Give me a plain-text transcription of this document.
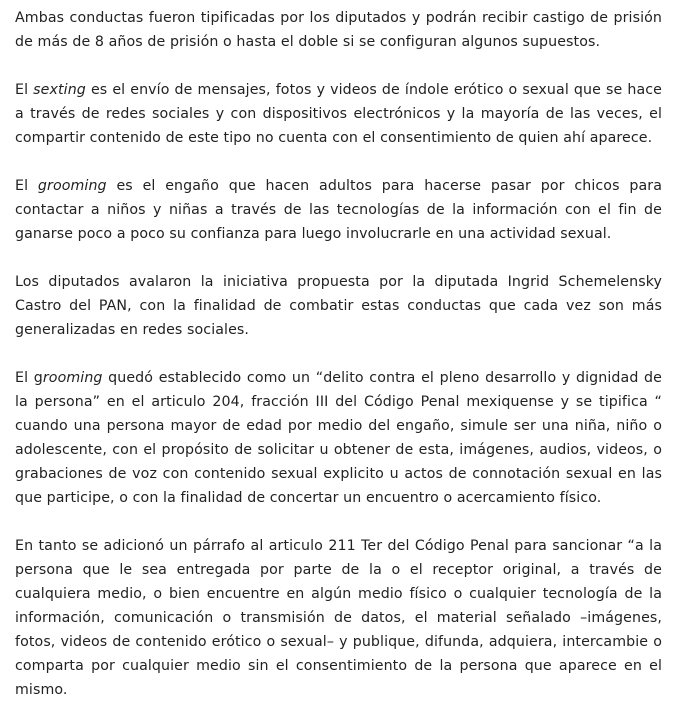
Ambas conductas fueron tipificadas por los diputados y podrán recibir castigo de prisión de más de 8 años de prisión o hasta el doble si se configuran algunos supuestos.

El sexting es el envío de mensajes, fotos y videos de índole erótico o sexual que se hace a través de redes sociales y con dispositivos electrónicos y la mayoría de las veces, el compartir contenido de este tipo no cuenta con el consentimiento de quien ahí aparece.

El grooming es el engaño que hacen adultos para hacerse pasar por chicos para contactar a niños y niñas a través de las tecnologías de la información con el fin de ganarse poco a poco su confianza para luego involucrarle en una actividad sexual.

Los diputados avalaron la iniciativa propuesta por la diputada Ingrid Schemelensky Castro del PAN, con la finalidad de combatir estas conductas que cada vez son más generalizadas en redes sociales.

El grooming quedó establecido como un “delito contra el pleno desarrollo y dignidad de la persona” en el articulo 204, fracción III del Código Penal mexiquense y se tipifica “ cuando una persona mayor de edad por medio del engaño, simule ser una niña, niño o adolescente, con el propósito de solicitar u obtener de esta, imágenes, audios, videos, o grabaciones de voz con contenido sexual explicito u actos de connotación sexual en las que participe, o con la finalidad de concertar un encuentro o acercamiento físico.

En tanto se adicionó un párrafo al articulo 211 Ter del Código Penal para sancionar “a la persona que le sea entregada por parte de la o el receptor original, a través de cualquiera medio, o bien encuentre en algún medio físico o cualquier tecnología de la información, comunicación o transmisión de datos, el material señalado –imágenes, fotos, videos de contenido erótico o sexual– y publique, difunda, adquiera, intercambie o comparta por cualquier medio sin el consentimiento de la persona que aparece en el mismo.
